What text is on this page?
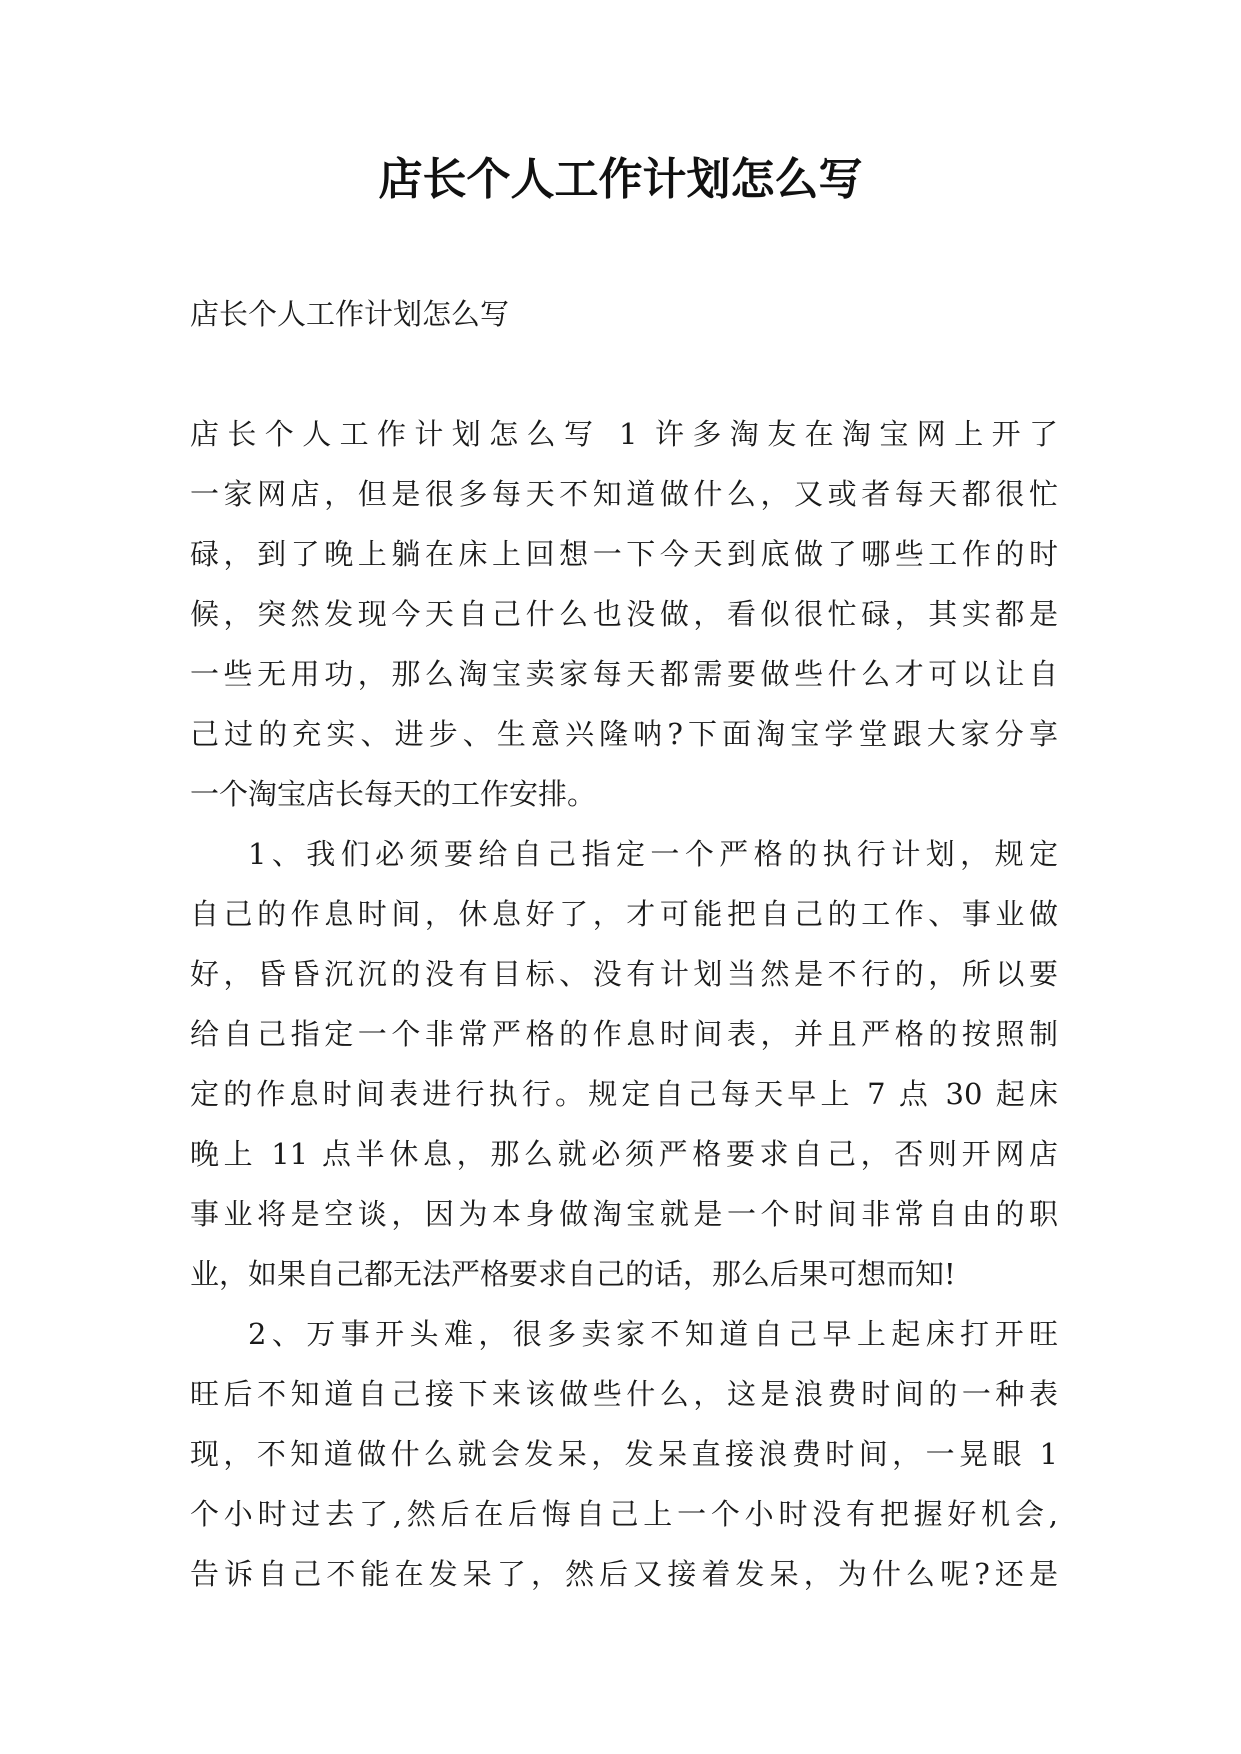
店长个人工作计划怎么写

店长个人工作计划怎么写

店长个人工作计划怎么写 1 许多淘友在淘宝网上开了
一家网店，但是很多每天不知道做什么，又或者每天都很忙
碌，到了晚上躺在床上回想一下今天到底做了哪些工作的时
候，突然发现今天自己什么也没做，看似很忙碌，其实都是
一些无用功，那么淘宝卖家每天都需要做些什么才可以让自
己过的充实、进步、生意兴隆呐?下面淘宝学堂跟大家分享
一个淘宝店长每天的工作安排。
1、我们必须要给自己指定一个严格的执行计划，规定
自己的作息时间，休息好了，才可能把自己的工作、事业做
好，昏昏沉沉的没有目标、没有计划当然是不行的，所以要
给自己指定一个非常严格的作息时间表，并且严格的按照制
定的作息时间表进行执行。规定自己每天早上 7 点 30 起床
晚上 11 点半休息，那么就必须严格要求自己，否则开网店
事业将是空谈，因为本身做淘宝就是一个时间非常自由的职
业，如果自己都无法严格要求自己的话，那么后果可想而知!
2、万事开头难，很多卖家不知道自己早上起床打开旺
旺后不知道自己接下来该做些什么，这是浪费时间的一种表
现，不知道做什么就会发呆，发呆直接浪费时间，一晃眼 1
个小时过去了,然后在后悔自己上一个小时没有把握好机会,
告诉自己不能在发呆了，然后又接着发呆，为什么呢?还是
